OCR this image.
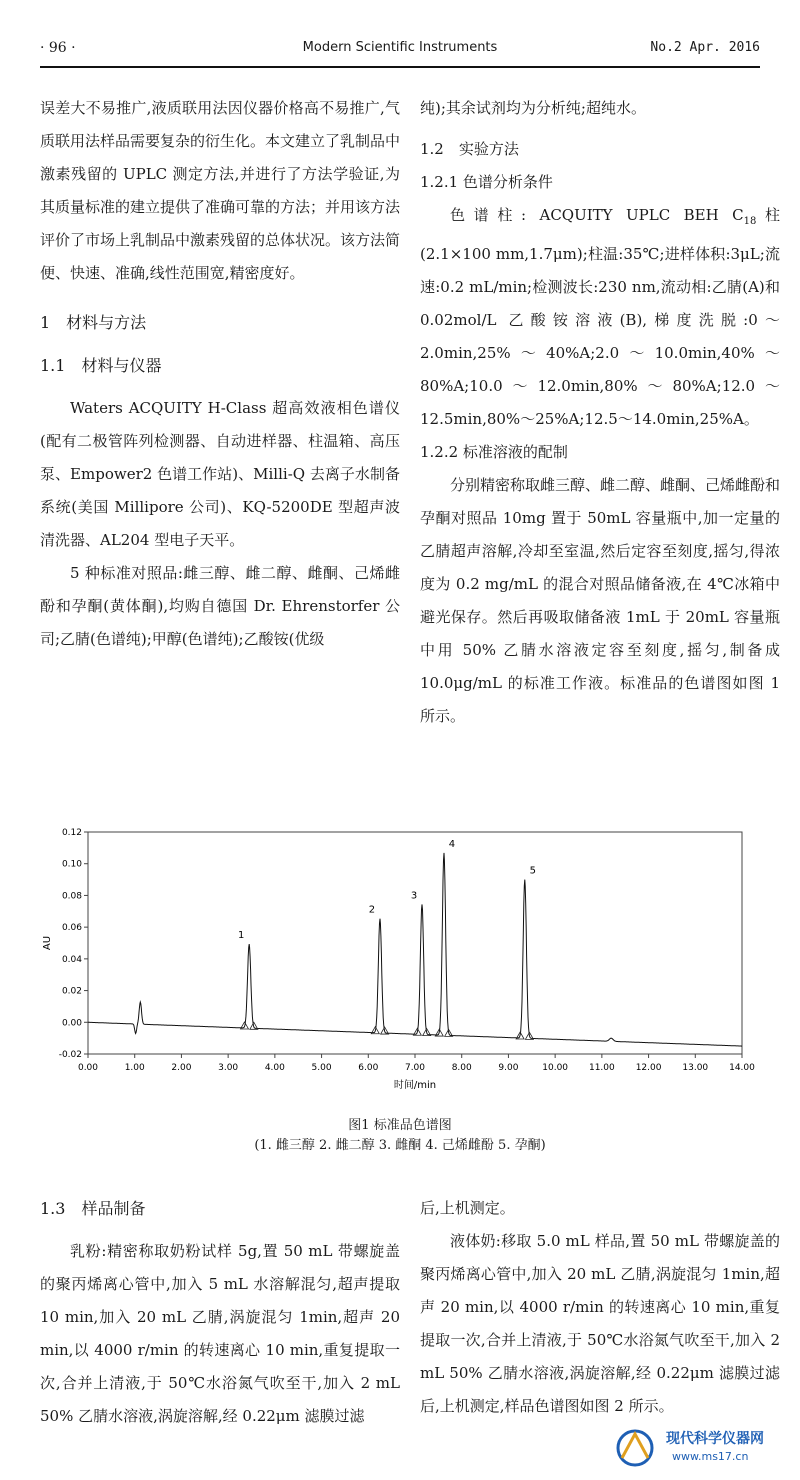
· 96 ·	Modern Scientific Instruments	No.2 Apr. 2016

误差大不易推广,液质联用法因仪器价格高不易推广,气质联用法样品需要复杂的衍生化。本文建立了乳制品中激素残留的 UPLC 测定方法,并进行了方法学验证,为其质量标准的建立提供了准确可靠的方法；并用该方法评价了市场上乳制品中激素残留的总体状况。该方法简便、快速、准确,线性范围宽,精密度好。

1　材料与方法
1.1　材料与仪器

Waters ACQUITY H-Class 超高效液相色谱仪(配有二极管阵列检测器、自动进样器、柱温箱、高压泵、Empower2 色谱工作站)、Milli-Q 去离子水制备系统(美国 Millipore 公司)、KQ-5200DE 型超声波清洗器、AL204 型电子天平。

5 种标准对照品:雌三醇、雌二醇、雌酮、己烯雌酚和孕酮(黄体酮),均购自德国 Dr. Ehrenstorfer 公司;乙腈(色谱纯);甲醇(色谱纯);乙酸铵(优级

纯);其余试剂均为分析纯;超纯水。

1.2　实验方法
1.2.1 色谱分析条件

色谱柱: ACQUITY UPLC BEH $C_{18}$柱(2.1×100 mm,1.7μm);柱温:35℃;进样体积:3μL;流速:0.2 mL/min;检测波长:230 nm,流动相:乙腈(A)和 0.02mol/L 乙酸铵溶液(B),梯度洗脱:0～2.0min,25%～40%A;2.0～10.0min,40%～80%A;10.0～12.0min,80%～80%A;12.0～12.5min,80%～25%A;12.5～14.0min,25%A。

1.2.2 标准溶液的配制

分别精密称取雌三醇、雌二醇、雌酮、己烯雌酚和孕酮对照品 10mg 置于 50mL 容量瓶中,加一定量的乙腈超声溶解,冷却至室温,然后定容至刻度,摇匀,得浓度为 0.2 mg/mL 的混合对照品储备液,在 4℃冰箱中避光保存。然后再吸取储备液 1mL 于 20mL 容量瓶中用 50% 乙腈水溶液定容至刻度,摇匀,制备成 10.0μg/mL 的标准工作液。标准品的色谱图如图 1 所示。

0.00	1.00	2.00	3.00	4.00	5.00	6.00	7.00	8.00	9.00	10.00 11.00 12.00 13.00 14.00
-0.02
0.00
0.02
0.04
0.06
0.08
0.10
0.12
时间/min
AU
1
2
3
4
5
图1 标准品色谱图
(1. 雌三醇 2. 雌二醇 3. 雌酮 4. 己烯雌酚 5. 孕酮)
1.3　样品制备

乳粉:精密称取奶粉试样 5g,置 50 mL 带螺旋盖的聚丙烯离心管中,加入 5 mL 水溶解混匀,超声提取 10 min,加入 20 mL 乙腈,涡旋混匀 1min,超声 20 min,以 4000 r/min 的转速离心 10 min,重复提取一次,合并上清液,于 50℃水浴氮气吹至干,加入 2 mL 50% 乙腈水溶液,涡旋溶解,经 0.22μm 滤膜过滤

后,上机测定。

液体奶:移取 5.0 mL 样品,置 50 mL 带螺旋盖的聚丙烯离心管中,加入 20 mL 乙腈,涡旋混匀 1min,超声 20 min,以 4000 r/min 的转速离心 10 min,重复提取一次,合并上清液,于 50℃水浴氮气吹至干,加入 2 mL 50% 乙腈水溶液,涡旋溶解,经 0.22μm 滤膜过滤后,上机测定,样品色谱图如图 2 所示。

现代科学仪器网
www.ms17.cn
